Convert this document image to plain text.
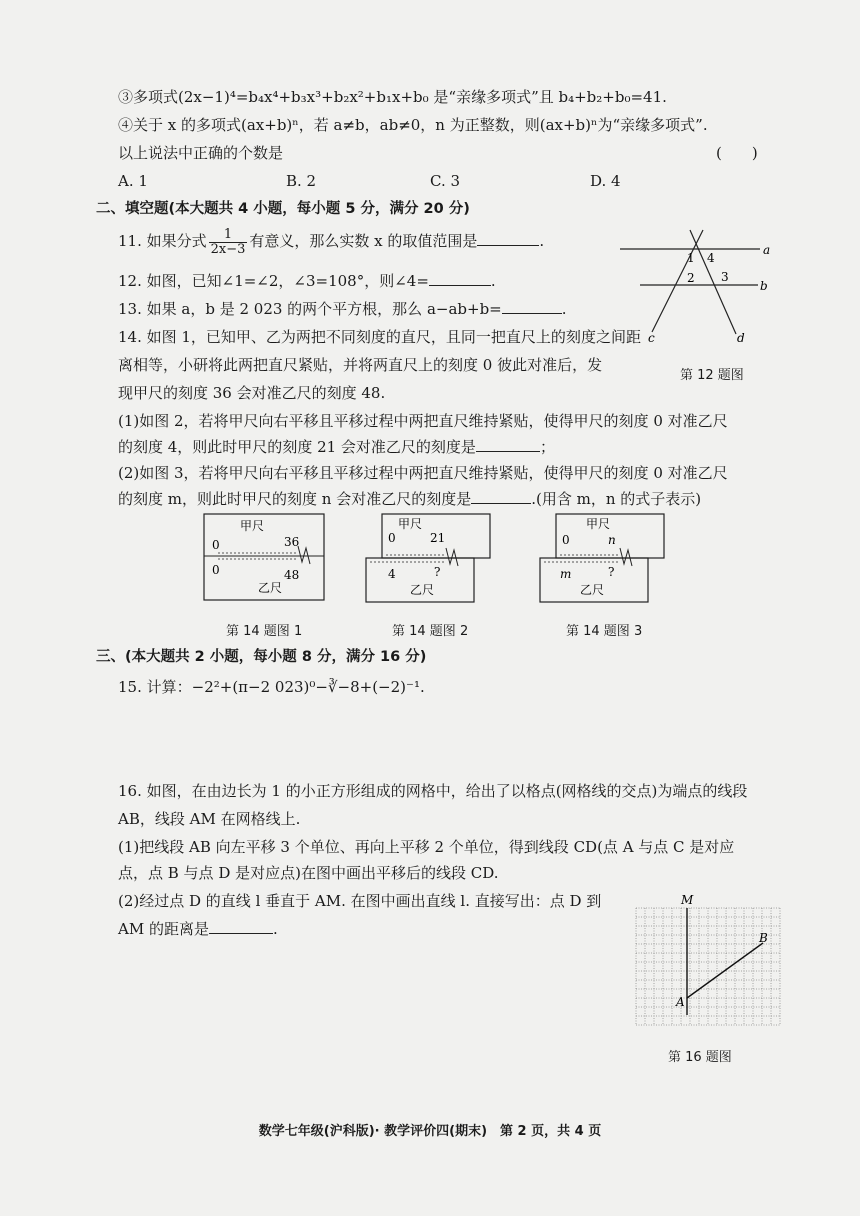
③多项式(2x−1)⁴=b₄x⁴+b₃x³+b₂x²+b₁x+b₀ 是“亲缘多项式”且 b₄+b₂+b₀=41.
④关于 x 的多项式(ax+b)ⁿ，若 a≠b，ab≠0，n 为正整数，则(ax+b)ⁿ为“亲缘多项式”.
以上说法中正确的个数是	(　　)
A. 1	B. 2	C. 3	D. 4
二、填空题(本大题共 4 小题，每小题 5 分，满分 20 分)
11. 如果分式 $\frac{1}{2x-3}$ 有意义，那么实数 x 的取值范围是	.
12. 如图，已知∠1=∠2，∠3=108°，则∠4=	.
13. 如果 a，b 是 2 023 的两个平方根，那么 a−ab+b=	.
14. 如图 1，已知甲、乙为两把不同刻度的直尺，且同一把直尺上的刻度之间距
离相等，小研将此两把直尺紧贴，并将两直尺上的刻度 0 彼此对准后，发
现甲尺的刻度 36 会对准乙尺的刻度 48.
(1)如图 2，若将甲尺向右平移且平移过程中两把直尺维持紧贴，使得甲尺的刻度 0 对准乙尺
的刻度 4，则此时甲尺的刻度 21 会对准乙尺的刻度是	；
(2)如图 3，若将甲尺向右平移且平移过程中两把直尺维持紧贴，使得甲尺的刻度 0 对准乙尺
的刻度 m，则此时甲尺的刻度 n 会对准乙尺的刻度是	.(用含 m，n 的式子表示)
1 4
2 3
a
b
c	d
第 12 题图
甲尺
乙尺
0	36
0	48
第 14 题图 1
甲尺
乙尺
0	21
4	?
第 14 题图 2
甲尺
乙尺
0	n
m	?
第 14 题图 3
三、(本大题共 2 小题，每小题 8 分，满分 16 分)
15. 计算：−2²+(π−2 023)⁰−∛−8+(−2)⁻¹.
16. 如图，在由边长为 1 的小正方形组成的网格中，给出了以格点(网格线的交点)为端点的线段
AB，线段 AM 在网格线上.
(1)把线段 AB 向左平移 3 个单位、再向上平移 2 个单位，得到线段 CD(点 A 与点 C 是对应
点，点 B 与点 D 是对应点)在图中画出平移后的线段 CD.
(2)经过点 D 的直线 l 垂直于 AM. 在图中画出直线 l. 直接写出：点 D 到
AM 的距离是	.
M
B
A
第 16 题图
数学七年级(沪科版)· 教学评价四(期末)　第 2 页，共 4 页
